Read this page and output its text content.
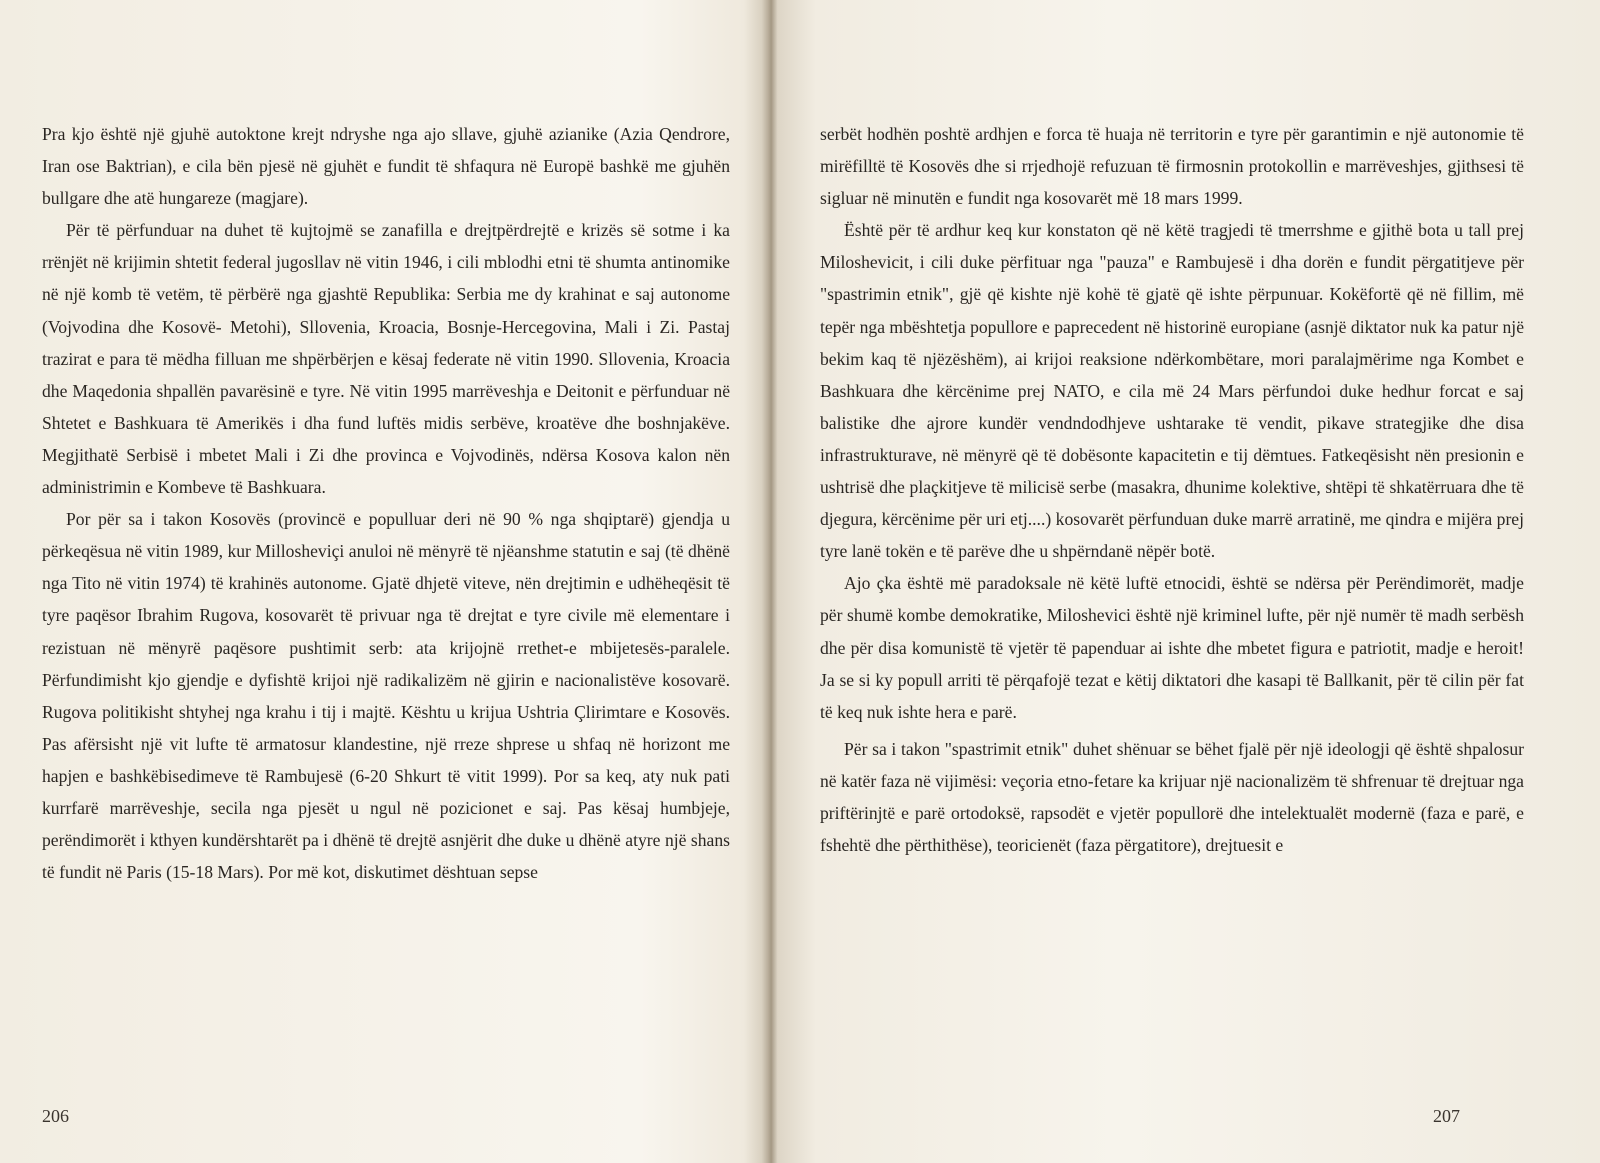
Pra kjo është një gjuhë autoktone krejt ndryshe nga ajo sllave, gjuhë azianike (Azia Qendrore, Iran ose Baktrian), e cila bën pjesë në gjuhët e fundit të shfaqura në Europë bashkë me gjuhën bullgare dhe atë hungareze (magjare).

Për të përfunduar na duhet të kujtojmë se zanafilla e drejtpërdrejtë e krizës së sotme i ka rrënjët në krijimin shtetit federal jugosllav në vitin 1946, i cili mblodhi etni të shumta antinomike në një komb të vetëm, të përbërë nga gjashtë Republika: Serbia me dy krahinat e saj autonome (Vojvodina dhe Kosovë- Metohi), Sllovenia, Kroacia, Bosnje-Hercegovina, Mali i Zi. Pastaj trazirat e para të mëdha filluan me shpërbërjen e kësaj federate në vitin 1990. Sllovenia, Kroacia dhe Maqedonia shpallën pavarësinë e tyre. Në vitin 1995 marrëveshja e Deitonit e përfunduar në Shtetet e Bashkuara të Amerikës i dha fund luftës midis serbëve, kroatëve dhe boshnjakëve. Megjithatë Serbisë i mbetet Mali i Zi dhe provinca e Vojvodinës, ndërsa Kosova kalon nën administrimin e Kombeve të Bashkuara.

Por për sa i takon Kosovës (provincë e populluar deri në 90 % nga shqiptarë) gjendja u përkeqësua në vitin 1989, kur Millosheviçi anuloi në mënyrë të njëanshme statutin e saj (të dhënë nga Tito në vitin 1974) të krahinës autonome. Gjatë dhjetë viteve, nën drejtimin e udhëheqësit të tyre paqësor Ibrahim Rugova, kosovarët të privuar nga të drejtat e tyre civile më elementare i rezistuan në mënyrë paqësore pushtimit serb: ata krijojnë rrethet-e mbijetesës-paralele. Përfundimisht kjo gjendje e dyfishtë krijoi një radikalizëm në gjirin e nacionalistëve kosovarë. Rugova politikisht shtyhej nga krahu i tij i majtë. Kështu u krijua Ushtria Çlirimtare e Kosovës. Pas afërsisht një vit lufte të armatosur klandestine, një rreze shprese u shfaq në horizont me hapjen e bashkëbisedimeve të Rambujesë (6-20 Shkurt të vitit 1999). Por sa keq, aty nuk pati kurrfarë marrëveshje, secila nga pjesët u ngul në pozicionet e saj. Pas kësaj humbjeje, perëndimorët i kthyen kundërshtarët pa i dhënë të drejtë asnjërit dhe duke u dhënë atyre një shans të fundit në Paris (15-18 Mars). Por më kot, diskutimet dështuan sepse

206

serbët hodhën poshtë ardhjen e forca të huaja në territorin e tyre për garantimin e një autonomie të mirëfilltë të Kosovës dhe si rrjedhojë refuzuan të firmosnin protokollin e marrëveshjes, gjithsesi të sigluar në minutën e fundit nga kosovarët më 18 mars 1999.

Është për të ardhur keq kur konstaton që në këtë tragjedi të tmerrshme e gjithë bota u tall prej Miloshevicit, i cili duke përfituar nga "pauza" e Rambujesë i dha dorën e fundit përgatitjeve për "spastrimin etnik", gjë që kishte një kohë të gjatë që ishte përpunuar. Kokëfortë që në fillim, më tepër nga mbështetja popullore e paprecedent në historinë europiane (asnjë diktator nuk ka patur një bekim kaq të njëzëshëm), ai krijoi reaksione ndërkombëtare, mori paralajmërime nga Kombet e Bashkuara dhe kërcënime prej NATO, e cila më 24 Mars përfundoi duke hedhur forcat e saj balistike dhe ajrore kundër vendndodhjeve ushtarake të vendit, pikave strategjike dhe disa infrastrukturave, në mënyrë që të dobësonte kapacitetin e tij dëmtues. Fatkeqësisht nën presionin e ushtrisë dhe plaçkitjeve të milicisë serbe (masakra, dhunime kolektive, shtëpi të shkatërruara dhe të djegura, kërcënime për uri etj....) kosovarët përfunduan duke marrë arratinë, me qindra e mijëra prej tyre lanë tokën e të parëve dhe u shpërndanë nëpër botë.

Ajo çka është më paradoksale në këtë luftë etnocidi, është se ndërsa për Perëndimorët, madje për shumë kombe demokratike, Miloshevici është një kriminel lufte, për një numër të madh serbësh dhe për disa komunistë të vjetër të papenduar ai ishte dhe mbetet figura e patriotit, madje e heroit! Ja se si ky popull arriti të përqafojë tezat e këtij diktatori dhe kasapi të Ballkanit, për të cilin për fat të keq nuk ishte hera e parë.

Për sa i takon "spastrimit etnik" duhet shënuar se bëhet fjalë për një ideologji që është shpalosur në katër faza në vijimësi: veçoria etno-fetare ka krijuar një nacionalizëm të shfrenuar të drejtuar nga priftërinjtë e parë ortodoksë, rapsodët e vjetër popullorë dhe intelektualët modernë (faza e parë, e fshehtë dhe përthithëse), teoricienët (faza përgatitore), drejtuesit e

207
